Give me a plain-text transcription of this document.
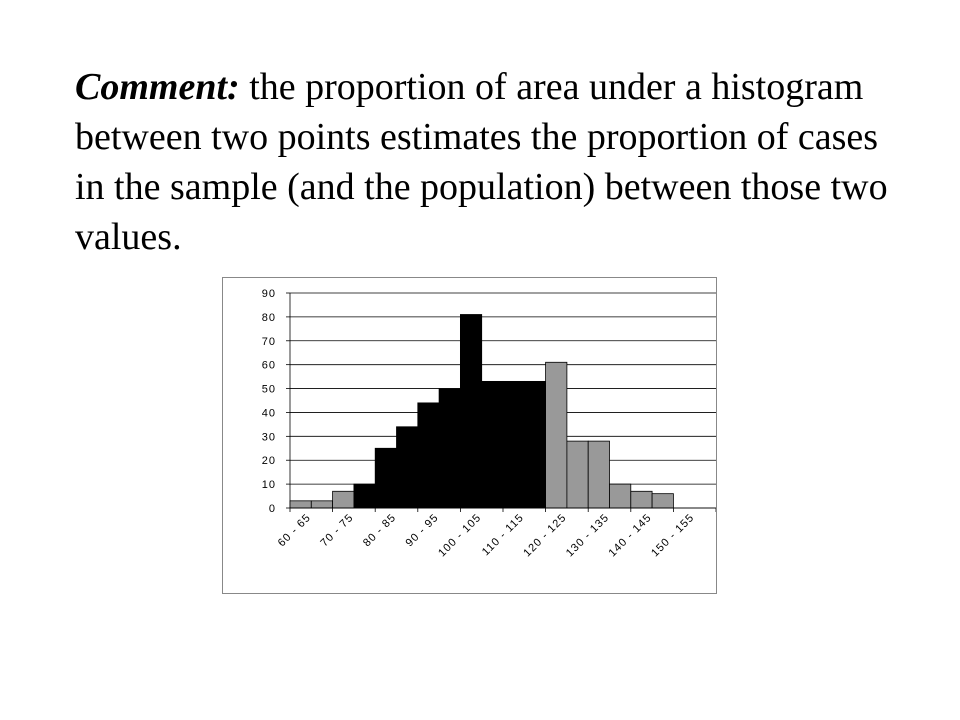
Comment: the proportion of area under a histogram between two points estimates the proportion of cases in the sample (and the population) between those two values.
0
10
20
30
40
50
60
70
80
90
60 - 65 70 - 75 80 - 85 90 - 95
100 - 105
110 - 115
120 - 125
130 - 135
140 - 145
150 - 155
